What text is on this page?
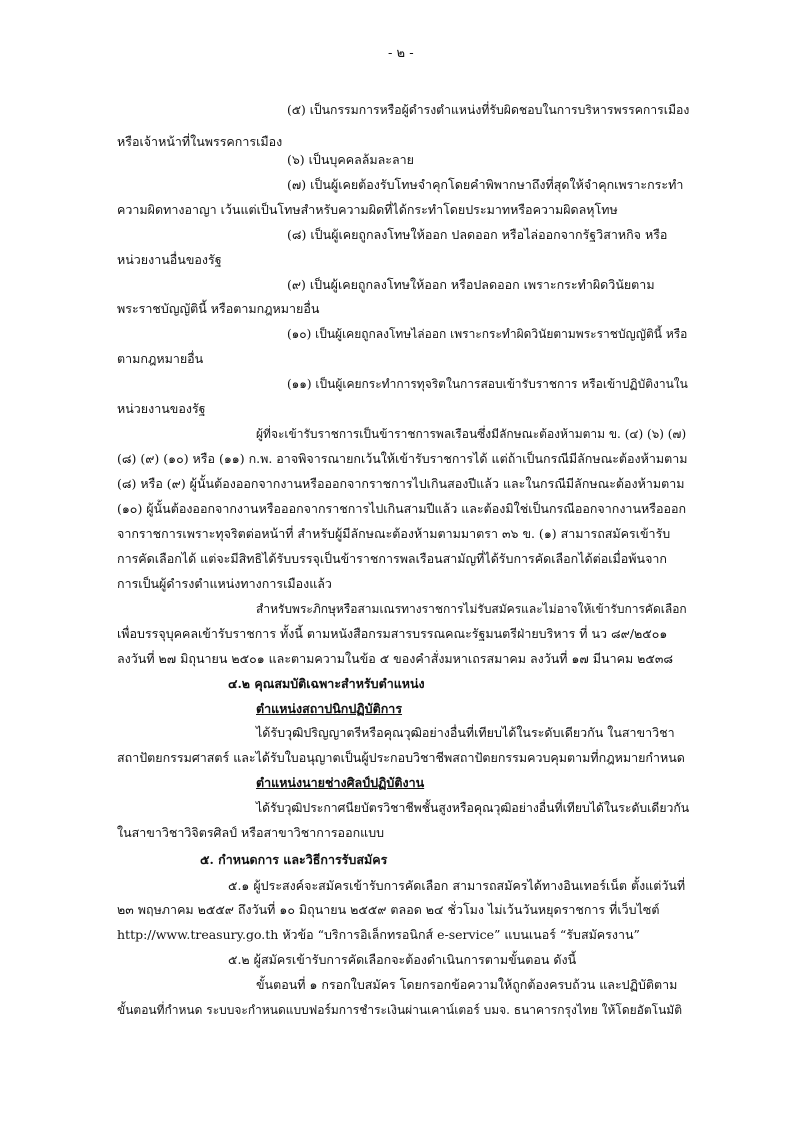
- ๒ -

(๕) เป็นกรรมการหรือผู้ดำรงตำแหน่งที่รับผิดชอบในการบริหารพรรคการเมือง

หรือเจ้าหน้าที่ในพรรคการเมือง

(๖) เป็นบุคคลล้มละลาย

(๗) เป็นผู้เคยต้องรับโทษจำคุกโดยคำพิพากษาถึงที่สุดให้จำคุกเพราะกระทำ

ความผิดทางอาญา เว้นแต่เป็นโทษสำหรับความผิดที่ได้กระทำโดยประมาทหรือความผิดลหุโทษ

(๘) เป็นผู้เคยถูกลงโทษให้ออก ปลดออก หรือไล่ออกจากรัฐวิสาหกิจ หรือ

หน่วยงานอื่นของรัฐ

(๙) เป็นผู้เคยถูกลงโทษให้ออก หรือปลดออก เพราะกระทำผิดวินัยตาม

พระราชบัญญัตินี้ หรือตามกฎหมายอื่น

(๑๐) เป็นผู้เคยถูกลงโทษไล่ออก เพราะกระทำผิดวินัยตามพระราชบัญญัตินี้ หรือ

ตามกฎหมายอื่น

(๑๑) เป็นผู้เคยกระทำการทุจริตในการสอบเข้ารับราชการ หรือเข้าปฏิบัติงานใน

หน่วยงานของรัฐ

ผู้ที่จะเข้ารับราชการเป็นข้าราชการพลเรือนซึ่งมีลักษณะต้องห้ามตาม ข. (๔) (๖) (๗)

(๘) (๙) (๑๐) หรือ (๑๑) ก.พ. อาจพิจารณายกเว้นให้เข้ารับราชการได้ แต่ถ้าเป็นกรณีมีลักษณะต้องห้ามตาม

(๘) หรือ (๙) ผู้นั้นต้องออกจากงานหรือออกจากราชการไปเกินสองปีแล้ว และในกรณีมีลักษณะต้องห้ามตาม

(๑๐) ผู้นั้นต้องออกจากงานหรือออกจากราชการไปเกินสามปีแล้ว และต้องมิใช่เป็นกรณีออกจากงานหรือออก

จากราชการเพราะทุจริตต่อหน้าที่ สำหรับผู้มีลักษณะต้องห้ามตามมาตรา ๓๖ ข. (๑) สามารถสมัครเข้ารับ

การคัดเลือกได้ แต่จะมีสิทธิได้รับบรรจุเป็นข้าราชการพลเรือนสามัญที่ได้รับการคัดเลือกได้ต่อเมื่อพ้นจาก

การเป็นผู้ดำรงตำแหน่งทางการเมืองแล้ว

สำหรับพระภิกษุหรือสามเณรทางราชการไม่รับสมัครและไม่อาจให้เข้ารับการคัดเลือก

เพื่อบรรจุบุคคลเข้ารับราชการ ทั้งนี้ ตามหนังสือกรมสารบรรณคณะรัฐมนตรีฝ่ายบริหาร ที่ นว ๘๙/๒๕๐๑

ลงวันที่ ๒๗ มิถุนายน ๒๕๐๑ และตามความในข้อ ๕ ของคำสั่งมหาเถรสมาคม ลงวันที่ ๑๗ มีนาคม ๒๕๓๘

๔.๒ คุณสมบัติเฉพาะสำหรับตำแหน่ง

ตำแหน่งสถาปนิกปฏิบัติการ

ได้รับวุฒิปริญญาตรีหรือคุณวุฒิอย่างอื่นที่เทียบได้ในระดับเดียวกัน ในสาขาวิชา

สถาปัตยกรรมศาสตร์ และได้รับใบอนุญาตเป็นผู้ประกอบวิชาชีพสถาปัตยกรรมควบคุมตามที่กฎหมายกำหนด

ตำแหน่งนายช่างศิลป์ปฏิบัติงาน

ได้รับวุฒิประกาศนียบัตรวิชาชีพชั้นสูงหรือคุณวุฒิอย่างอื่นที่เทียบได้ในระดับเดียวกัน

ในสาขาวิชาวิจิตรศิลป์ หรือสาขาวิชาการออกแบบ

๕. กำหนดการ และวิธีการรับสมัคร

๕.๑ ผู้ประสงค์จะสมัครเข้ารับการคัดเลือก สามารถสมัครได้ทางอินเทอร์เน็ต ตั้งแต่วันที่

๒๓ พฤษภาคม ๒๕๕๙ ถึงวันที่ ๑๐ มิถุนายน ๒๕๕๙ ตลอด ๒๔ ชั่วโมง ไม่เว้นวันหยุดราชการ ที่เว็บไซต์

http://www.treasury.go.th หัวข้อ “บริการอิเล็กทรอนิกส์ e-service” แบนเนอร์ “รับสมัครงาน”

๕.๒ ผู้สมัครเข้ารับการคัดเลือกจะต้องดำเนินการตามขั้นตอน ดังนี้

ขั้นตอนที่ ๑ กรอกใบสมัคร โดยกรอกข้อความให้ถูกต้องครบถ้วน และปฏิบัติตาม

ขั้นตอนที่กำหนด ระบบจะกำหนดแบบฟอร์มการชำระเงินผ่านเคาน์เตอร์ บมจ. ธนาคารกรุงไทย ให้โดยอัตโนมัติ
